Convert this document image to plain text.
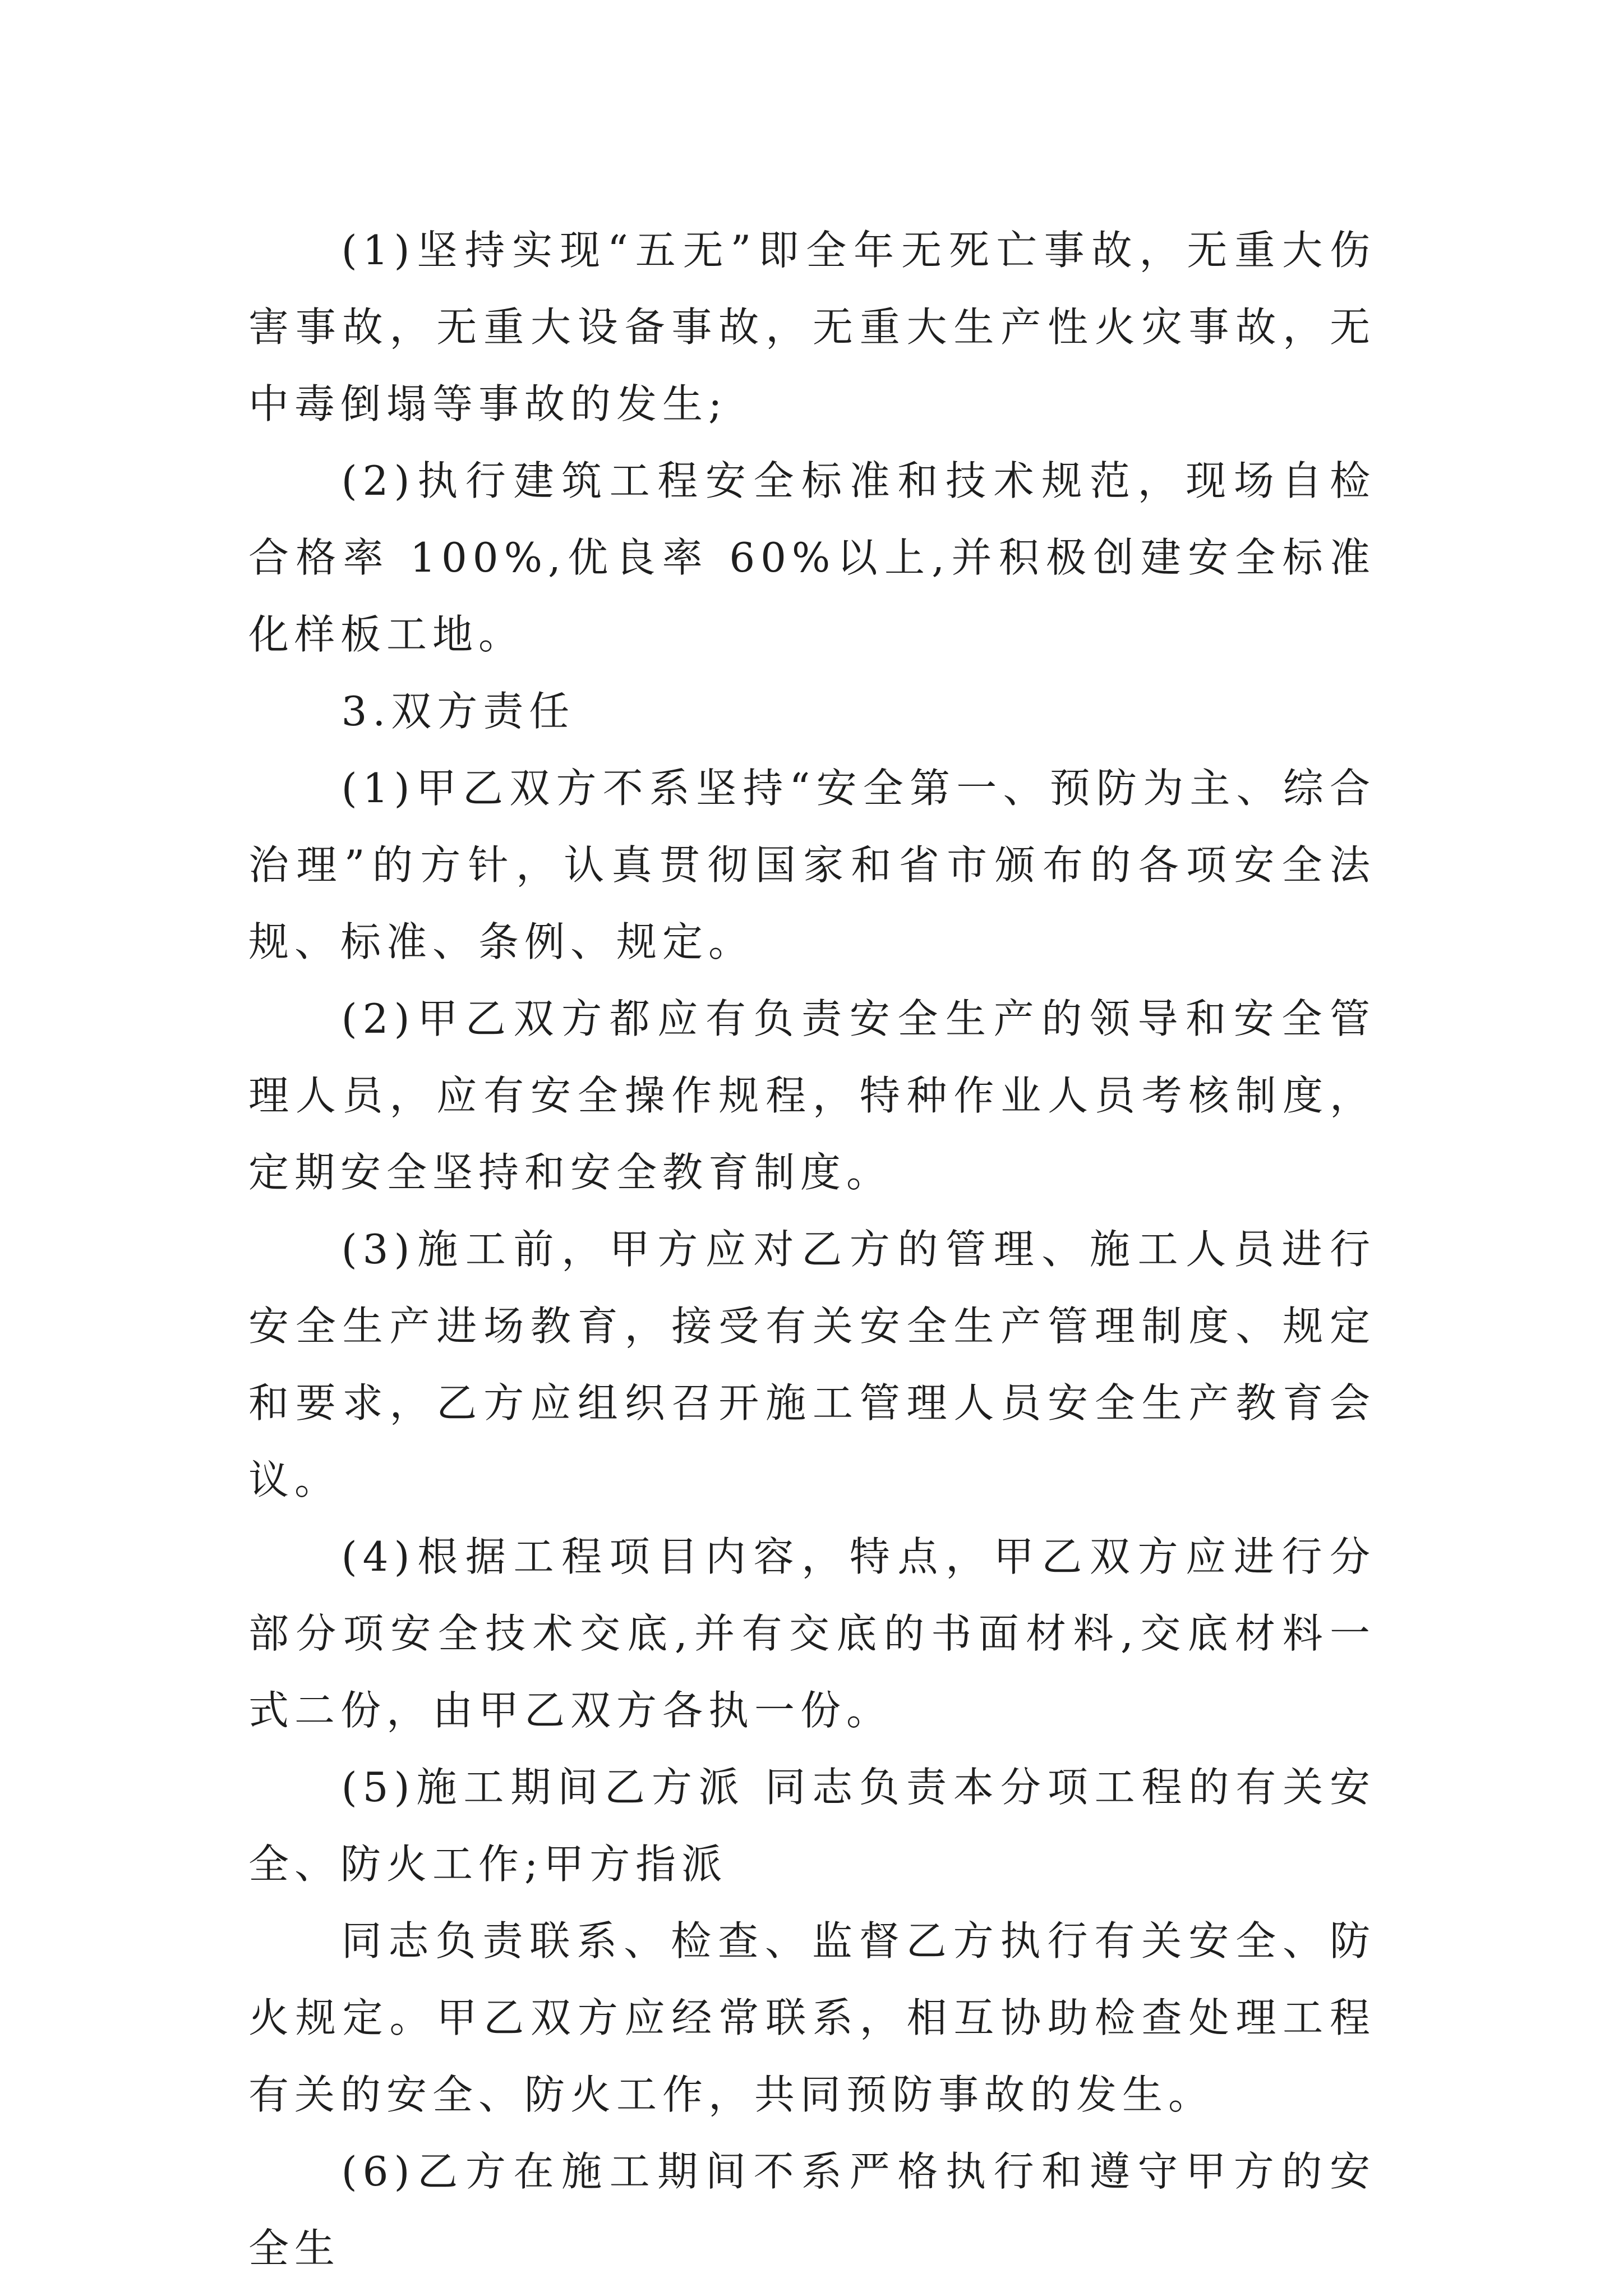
(1)坚持实现“五无”即全年无死亡事故，无重大伤害事故，无重大设备事故，无重大生产性火灾事故，无中毒倒塌等事故的发生;

(2)执行建筑工程安全标准和技术规范，现场自检合格率 100%,优良率 60%以上,并积极创建安全标准化样板工地。

3.双方责任

(1)甲乙双方不系坚持“安全第一、预防为主、综合治理”的方针，认真贯彻国家和省市颁布的各项安全法规、标准、条例、规定。

(2)甲乙双方都应有负责安全生产的领导和安全管理人员，应有安全操作规程，特种作业人员考核制度，定期安全坚持和安全教育制度。

(3)施工前，甲方应对乙方的管理、施工人员进行安全生产进场教育，接受有关安全生产管理制度、规定和要求，乙方应组织召开施工管理人员安全生产教育会议。

(4)根据工程项目内容，特点，甲乙双方应进行分部分项安全技术交底,并有交底的书面材料,交底材料一式二份，由甲乙双方各执一份。

(5)施工期间乙方派 同志负责本分项工程的有关安全、防火工作;甲方指派

同志负责联系、检查、监督乙方执行有关安全、防火规定。甲乙双方应经常联系，相互协助检查处理工程有关的安全、防火工作，共同预防事故的发生。

(6)乙方在施工期间不系严格执行和遵守甲方的安全生
